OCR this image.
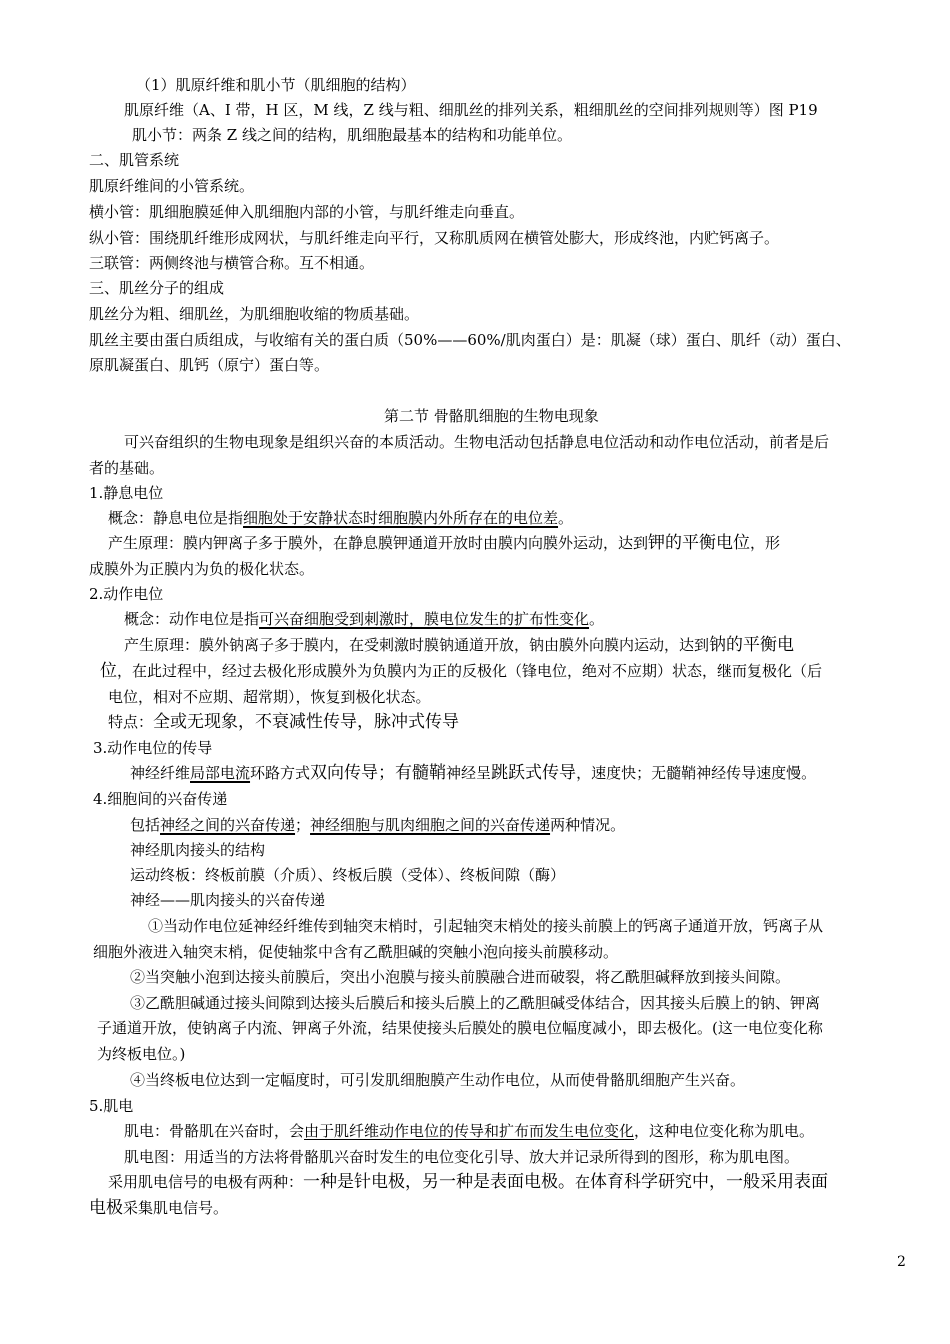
（1）肌原纤维和肌小节（肌细胞的结构）
肌原纤维（A、I 带，H 区，M 线，Z 线与粗、细肌丝的排列关系，粗细肌丝的空间排列规则等）图 P19
肌小节：两条 Z 线之间的结构，肌细胞最基本的结构和功能单位。
二、肌管系统
肌原纤维间的小管系统。
横小管：肌细胞膜延伸入肌细胞内部的小管，与肌纤维走向垂直。
纵小管：围绕肌纤维形成网状，与肌纤维走向平行，又称肌质网在横管处膨大，形成终池，内贮钙离子。
三联管：两侧终池与横管合称。互不相通。
三、肌丝分子的组成
肌丝分为粗、细肌丝，为肌细胞收缩的物质基础。
肌丝主要由蛋白质组成，与收缩有关的蛋白质（50%——60%/肌肉蛋白）是：肌凝（球）蛋白、肌纤（动）蛋白、
原肌凝蛋白、肌钙（原宁）蛋白等。
第二节 骨骼肌细胞的生物电现象
可兴奋组织的生物电现象是组织兴奋的本质活动。生物电活动包括静息电位活动和动作电位活动，前者是后
者的基础。
1.静息电位
概念：静息电位是指细胞处于安静状态时细胞膜内外所存在的电位差。
产生原理：膜内钾离子多于膜外，在静息膜钾通道开放时由膜内向膜外运动，达到钾的平衡电位，形
成膜外为正膜内为负的极化状态。
2.动作电位
概念：动作电位是指可兴奋细胞受到刺激时，膜电位发生的扩布性变化。
产生原理：膜外钠离子多于膜内，在受刺激时膜钠通道开放，钠由膜外向膜内运动，达到钠的平衡电
位，在此过程中，经过去极化形成膜外为负膜内为正的反极化（锋电位，绝对不应期）状态，继而复极化（后
电位，相对不应期、超常期），恢复到极化状态。
特点：全或无现象，不衰减性传导，脉冲式传导
3.动作电位的传导
神经纤维局部电流环路方式双向传导；有髓鞘神经呈跳跃式传导，速度快；无髓鞘神经传导速度慢。
4.细胞间的兴奋传递
包括神经之间的兴奋传递；神经细胞与肌肉细胞之间的兴奋传递两种情况。
神经肌肉接头的结构
运动终板：终板前膜（介质）、终板后膜（受体）、终板间隙（酶）
神经——肌肉接头的兴奋传递
①当动作电位延神经纤维传到轴突末梢时，引起轴突末梢处的接头前膜上的钙离子通道开放，钙离子从
细胞外液进入轴突末梢，促使轴浆中含有乙酰胆碱的突触小泡向接头前膜移动。
②当突触小泡到达接头前膜后，突出小泡膜与接头前膜融合进而破裂，将乙酰胆碱释放到接头间隙。
③乙酰胆碱通过接头间隙到达接头后膜后和接头后膜上的乙酰胆碱受体结合，因其接头后膜上的钠、钾离
子通道开放，使钠离子内流、钾离子外流，结果使接头后膜处的膜电位幅度减小，即去极化。(这一电位变化称
为终板电位。)
④当终板电位达到一定幅度时，可引发肌细胞膜产生动作电位，从而使骨骼肌细胞产生兴奋。
5.肌电
肌电：骨骼肌在兴奋时，会由于肌纤维动作电位的传导和扩布而发生电位变化，这种电位变化称为肌电。
肌电图：用适当的方法将骨骼肌兴奋时发生的电位变化引导、放大并记录所得到的图形，称为肌电图。
采用肌电信号的电极有两种：一种是针电极，另一种是表面电极。在体育科学研究中，一般采用表面
电极采集肌电信号。
2
